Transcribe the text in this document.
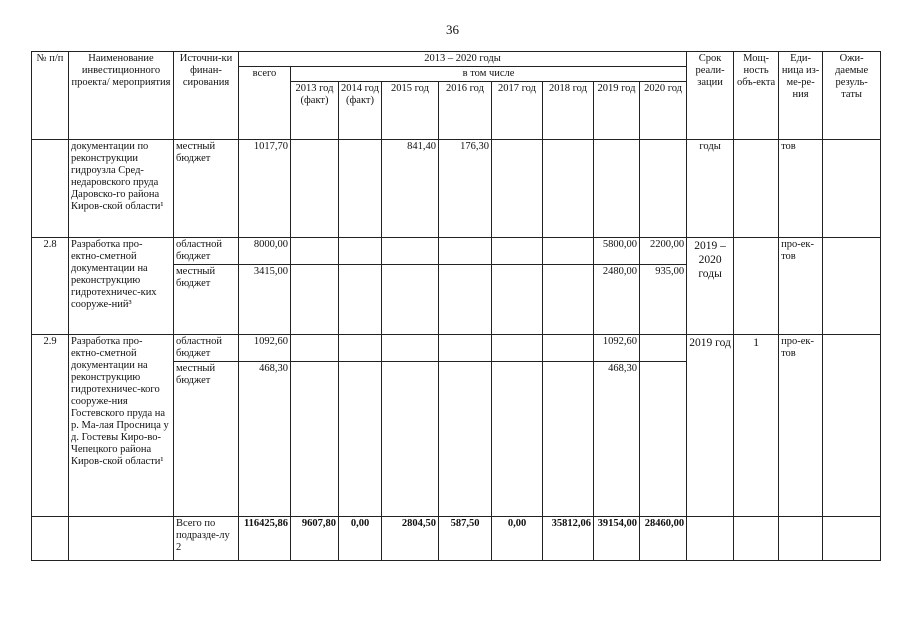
36
№ п/п	Наименование инвестиционного проекта/ мероприятия	Источни-ки финан-сирования	2013 – 2020 годы									Срок реали-зации	Мощ-ность объ-екта	Еди-ница из-ме-ре-ния	Ожи-даемые резуль-таты
			всего	в том числе											
				2013 год (факт)	2014 год (факт)	2015 год	2016 год	2017 год	2018 год	2019 год	2020 год				
	документации по реконструкции гидроузла Сред-недаровского пруда Даровско-го района Киров-ской области¹	местный бюджет	1017,70			841,40	176,30					годы		тов	
2.8	Разработка про-ектно-сметной документации на реконструкцию гидротехничес-ких сооруже-ний³	областной бюджет	8000,00							5800,00	2200,00	2019 – 2020 годы		про-ек-тов	
		местный бюджет	3415,00							2480,00	935,00				
2.9	Разработка про-ектно-сметной документации на реконструкцию гидротехничес-кого сооруже-ния Гостевского пруда на р. Ма-лая Просница у д. Гостевы Киро-во-Чепецкого района Киров-ской области¹	областной бюджет	1092,60							1092,60		2019 год	1	про-ек-тов	
		местный бюджет	468,30							468,30					
		Всего по подразде-лу 2	116425,86	9607,80	0,00	2804,50	587,50	0,00	35812,06	39154,00	28460,00				
